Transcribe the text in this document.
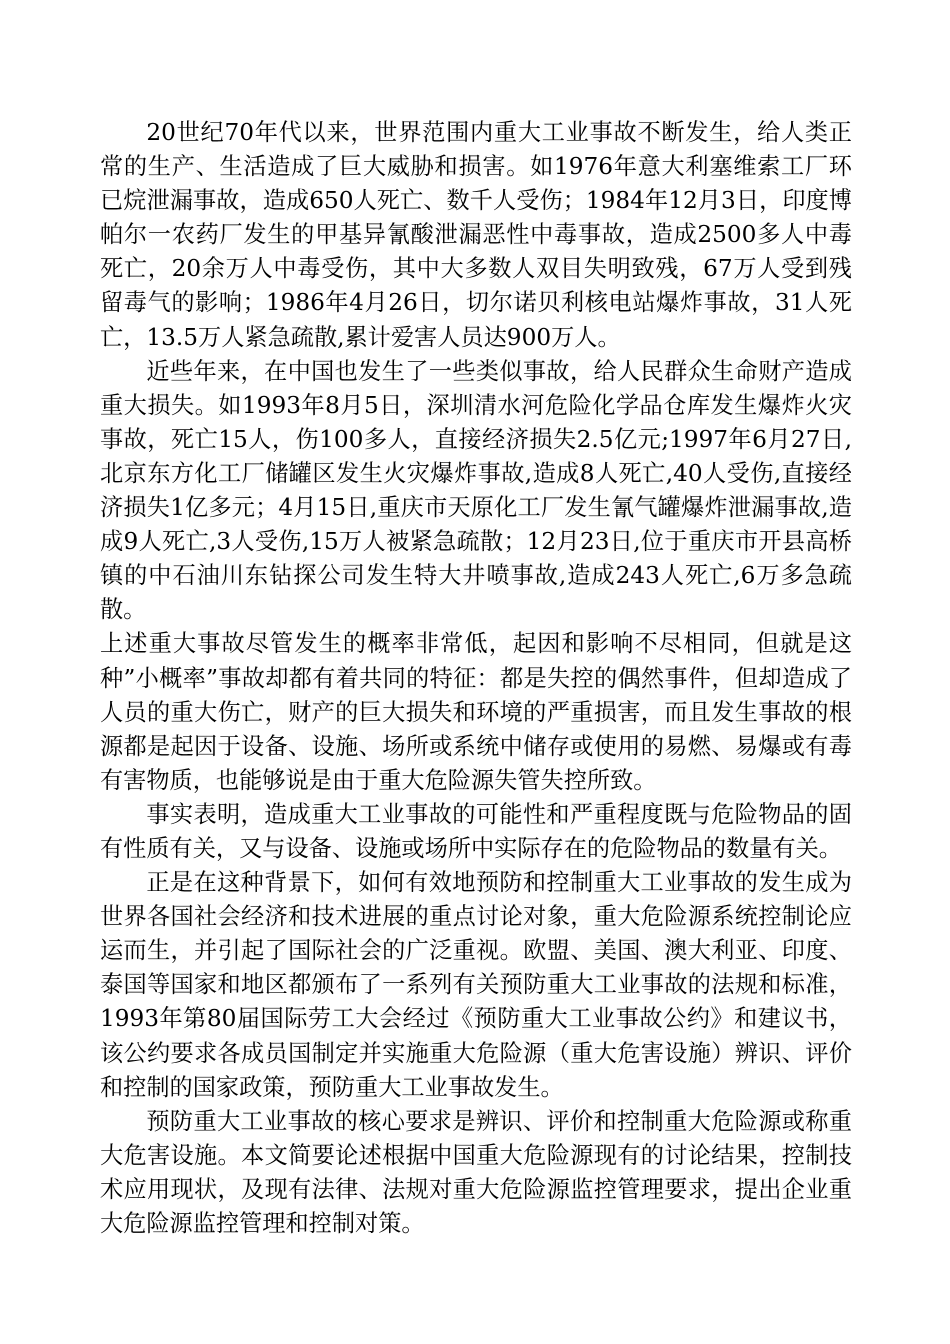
20世纪70年代以来，世界范围内重大工业事故不断发生，给人类正常的生产、生活造成了巨大威胁和损害。如1976年意大利塞维索工厂环已烷泄漏事故，造成650人死亡、数千人受伤；1984年12月3日，印度博帕尔一农药厂发生的甲基异氰酸泄漏恶性中毒事故，造成2500多人中毒死亡，20余万人中毒受伤，其中大多数人双目失明致残，67万人受到残留毒气的影响；1986年4月26日，切尔诺贝利核电站爆炸事故，31人死亡，13.5万人紧急疏散,累计爱害人员达900万人。

近些年来，在中国也发生了一些类似事故，给人民群众生命财产造成重大损失。如1993年8月5日，深圳清水河危险化学品仓库发生爆炸火灾事故，死亡15人，伤100多人，直接经济损失2.5亿元;1997年6月27日,北京东方化工厂储罐区发生火灾爆炸事故,造成8人死亡,40人受伤,直接经济损失1亿多元；4月15日,重庆市天原化工厂发生氰气罐爆炸泄漏事故,造成9人死亡,3人受伤,15万人被紧急疏散；12月23日,位于重庆市开县高桥镇的中石油川东钻探公司发生特大井喷事故,造成243人死亡,6万多急疏散。

上述重大事故尽管发生的概率非常低，起因和影响不尽相同，但就是这种”小概率”事故却都有着共同的特征：都是失控的偶然事件，但却造成了人员的重大伤亡，财产的巨大损失和环境的严重损害，而且发生事故的根源都是起因于设备、设施、场所或系统中储存或使用的易燃、易爆或有毒有害物质，也能够说是由于重大危险源失管失控所致。

事实表明，造成重大工业事故的可能性和严重程度既与危险物品的固有性质有关，又与设备、设施或场所中实际存在的危险物品的数量有关。

正是在这种背景下，如何有效地预防和控制重大工业事故的发生成为世界各国社会经济和技术进展的重点讨论对象，重大危险源系统控制论应运而生，并引起了国际社会的广泛重视。欧盟、美国、澳大利亚、印度、泰国等国家和地区都颁布了一系列有关预防重大工业事故的法规和标准，1993年第80届国际劳工大会经过《预防重大工业事故公约》和建议书，该公约要求各成员国制定并实施重大危险源（重大危害设施）辨识、评价和控制的国家政策，预防重大工业事故发生。

预防重大工业事故的核心要求是辨识、评价和控制重大危险源或称重大危害设施。本文简要论述根据中国重大危险源现有的讨论结果，控制技术应用现状，及现有法律、法规对重大危险源监控管理要求，提出企业重大危险源监控管理和控制对策。
